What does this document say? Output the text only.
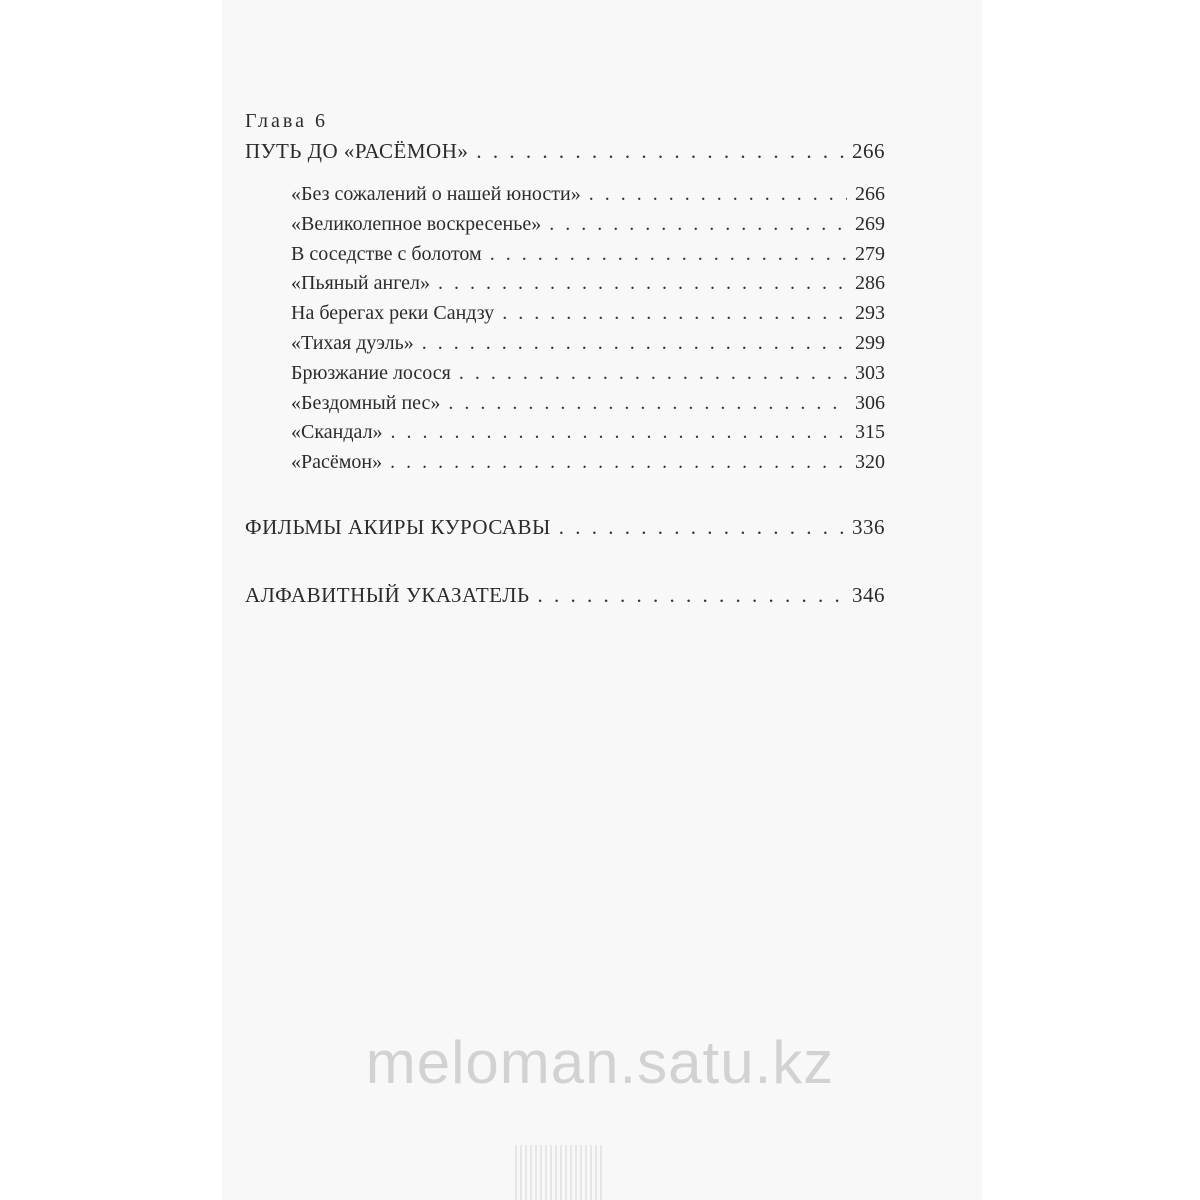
Глава 6
ПУТЬ ДО «РАСЁМОН» . . .	266
«Без сожалений о нашей юности» . . .	266
«Великолепное воскресенье» . . .	269
В соседстве с болотом . . .	279
«Пьяный ангел» . . .	286
На берегах реки Сандзу . . .	293
«Тихая дуэль» . . .	299
Брюзжание лосося . . .	303
«Бездомный пес» . . .	306
«Скандал» . . .	315
«Расёмон» . . .	320
ФИЛЬМЫ АКИРЫ КУРОСАВЫ . . .	336
АЛФАВИТНЫЙ УКАЗАТЕЛЬ . . .	346
meloman.satu.kz
